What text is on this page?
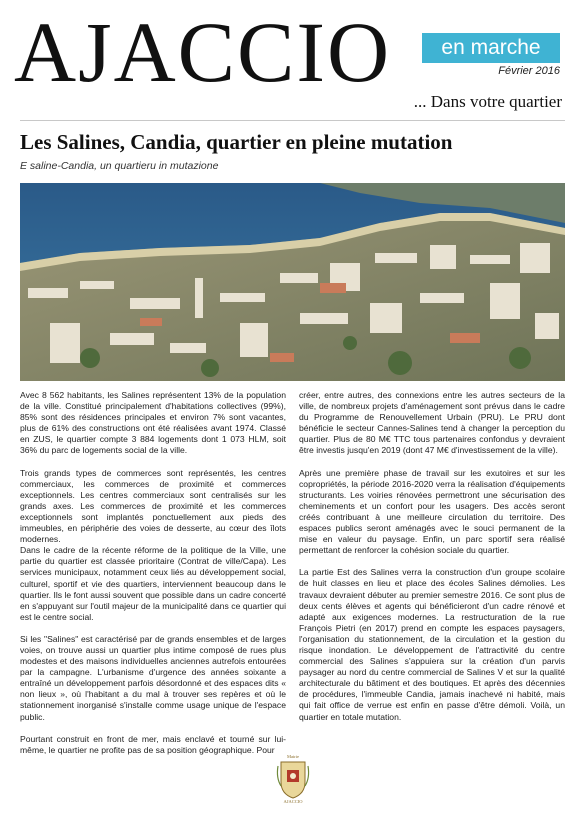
AJACCIO	en marche
Février 2016
... Dans votre quartier
Les Salines, Candia, quartier en pleine mutation
E saline-Candia, un quartieru in mutazione

Avec 8 562 habitants, les Salines représentent 13% de la population de la ville. Constitué principalement d'habitations collectives (99%), 85% sont des résidences principales et environ 7% sont vacantes, plus de 61% des constructions ont été réalisées avant 1974. Classé en ZUS, le quartier compte 3 884 logements dont 1 073 HLM, soit 36% du parc de logements social de la ville.

Trois grands types de commerces sont représentés, les centres commerciaux, les commerces de proximité et commerces exceptionnels. Les centres commerciaux sont centralisés sur les grands axes. Les commerces de proximité et les commerces exceptionnels sont implantés ponctuellement aux pieds des immeubles, en périphérie des voies de desserte, au cœur des îlots modernes.

Dans le cadre de la récente réforme de la politique de la Ville, une partie du quartier est classée prioritaire (Contrat de ville/Capa). Les services municipaux, notamment ceux liés au développement social, culturel, sportif et vie des quartiers, interviennent beaucoup dans le quartier. Ils le font aussi souvent que possible dans un cadre concerté en s'appuyant sur l'outil majeur de la municipalité dans ce quartier qui est le centre social.

Si les "Salines" est caractérisé par de grands ensembles et de larges voies, on trouve aussi un quartier plus intime composé de rues plus modestes et des maisons individuelles anciennes autrefois entourées par la campagne. L'urbanisme d'urgence des années soixante a entraîné un développement parfois désordonné et des espaces dits « non lieux », où l'habitant a du mal à trouver ses repères et où le stationnement inorganisé s'installe comme usage unique de l'espace public.

Pourtant construit en front de mer, mais enclavé et tourné sur lui-même, le quartier ne profite pas de sa position géographique. Pour

créer, entre autres, des connexions entre les autres secteurs de la ville, de nombreux projets d'aménagement sont prévus dans le cadre du Programme de Renouvellement Urbain (PRU). Le PRU dont bénéficie le secteur Cannes-Salines tend à changer la perception du quartier. Plus de 80 M€ TTC tous partenaires confondus y devraient être investis jusqu'en 2019 (dont 47 M€ d'investissement de la ville).

Après une première phase de travail sur les exutoires et sur les copropriétés, la période 2016-2020 verra la réalisation d'équipements structurants. Les voiries rénovées permettront une sécurisation des cheminements et un confort pour les usagers. Des accès seront créés contribuant à une meilleure circulation du territoire. Des espaces publics seront aménagés avec le souci permanent de la mise en valeur du paysage. Enfin, un parc sportif sera réalisé permettant de renforcer la cohésion sociale du quartier.

La partie Est des Salines verra la construction d'un groupe scolaire de huit classes en lieu et place des écoles Salines démolies. Les travaux devraient débuter au premier semestre 2016. Ce sont plus de deux cents élèves et agents qui bénéficieront d'un cadre rénové et adapté aux exigences modernes. La restructuration de la rue François Pietri (en 2017) prend en compte les espaces paysagers, l'organisation du stationnement, de la circulation et la gestion du risque inondation. Le développement de l'attractivité du centre commercial des Salines s'appuiera sur la création d'un parvis paysager au nord du centre commercial de Salines V et sur la qualité architecturale du bâtiment et des boutiques. Et après des décennies de procédures, l'immeuble Candia, jamais inachevé ni habité, mais qui fait office de verrue est enfin en passe d'être démoli. Voilà, un quartier en totale mutation.

Mairie
AJACCIO
